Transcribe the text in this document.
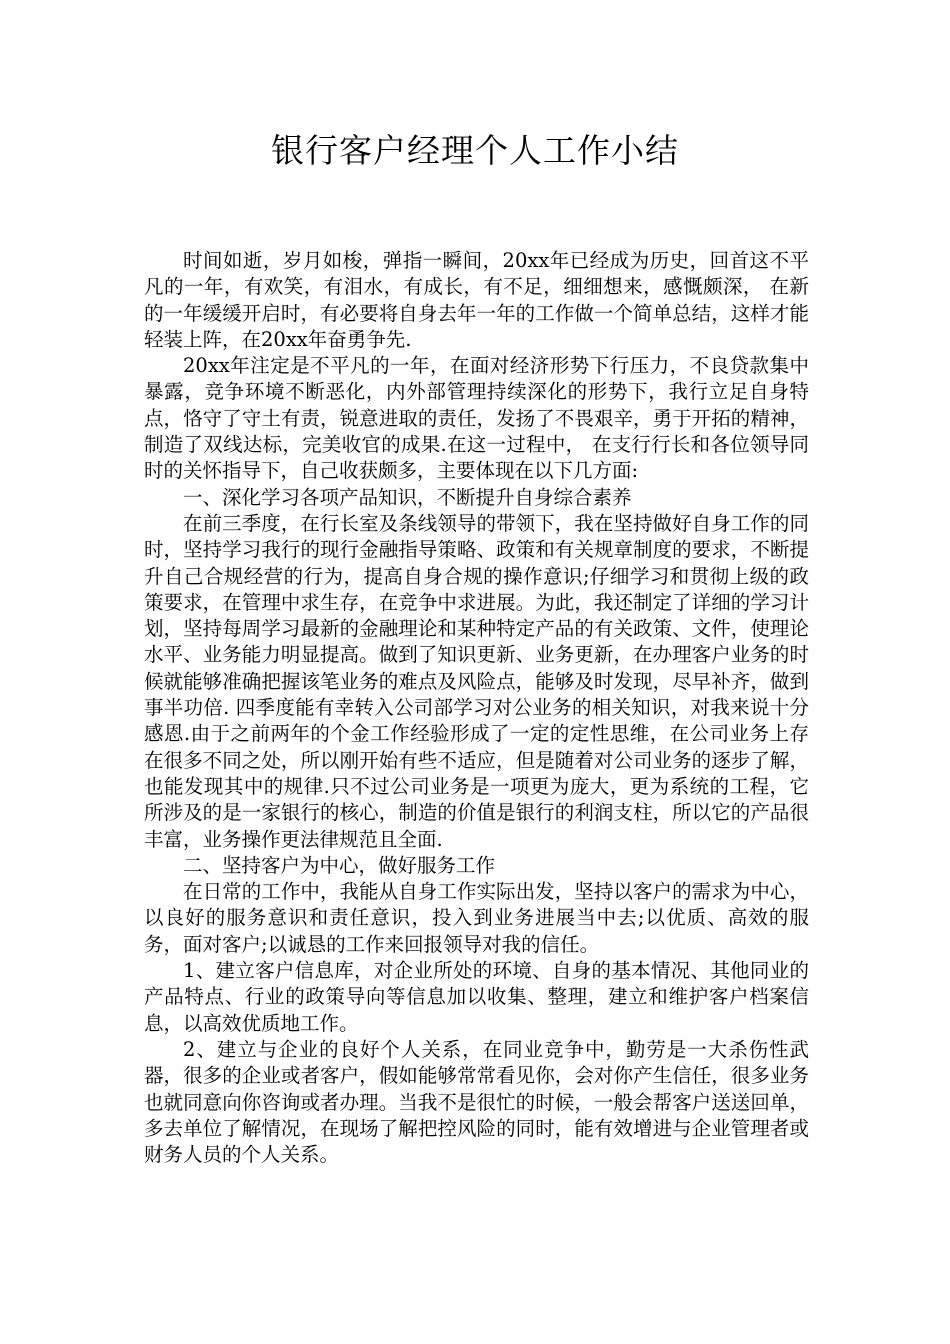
银行客户经理个人工作小结

时间如逝，岁月如梭，弹指一瞬间，20xx年已经成为历史，回首这不平凡的一年，有欢笑，有泪水，有成长，有不足，细细想来，感慨颇深， 在新的一年缓缓开启时，有必要将自身去年一年的工作做一个简单总结，这样才能轻装上阵，在20xx年奋勇争先.

20xx年注定是不平凡的一年，在面对经济形势下行压力，不良贷款集中暴露，竞争环境不断恶化，内外部管理持续深化的形势下，我行立足自身特点，恪守了守土有责，锐意进取的责任，发扬了不畏艰辛，勇于开拓的精神，制造了双线达标，完美收官的成果.在这一过程中， 在支行行长和各位领导同时的关怀指导下，自己收获颇多，主要体现在以下几方面:

一、深化学习各项产品知识，不断提升自身综合素养

在前三季度，在行长室及条线领导的带领下，我在坚持做好自身工作的同时，坚持学习我行的现行金融指导策略、政策和有关规章制度的要求，不断提升自己合规经营的行为，提高自身合规的操作意识;仔细学习和贯彻上级的政策要求，在管理中求生存，在竞争中求进展。为此，我还制定了详细的学习计划，坚持每周学习最新的金融理论和某种特定产品的有关政策、文件，使理论水平、业务能力明显提高。做到了知识更新、业务更新，在办理客户业务的时候就能够准确把握该笔业务的难点及风险点，能够及时发现，尽早补齐，做到事半功倍. 四季度能有幸转入公司部学习对公业务的相关知识，对我来说十分感恩.由于之前两年的个金工作经验形成了一定的定性思维，在公司业务上存在很多不同之处，所以刚开始有些不适应，但是随着对公司业务的逐步了解，也能发现其中的规律.只不过公司业务是一项更为庞大，更为系统的工程，它所涉及的是一家银行的核心，制造的价值是银行的利润支柱，所以它的产品很丰富，业务操作更法律规范且全面.

二、坚持客户为中心，做好服务工作

在日常的工作中，我能从自身工作实际出发，坚持以客户的需求为中心，以良好的服务意识和责任意识，投入到业务进展当中去;以优质、高效的服务，面对客户;以诚恳的工作来回报领导对我的信任。

1、建立客户信息库，对企业所处的环境、自身的基本情况、其他同业的产品特点、行业的政策导向等信息加以收集、整理，建立和维护客户档案信息，以高效优质地工作。

2、建立与企业的良好个人关系，在同业竞争中，勤劳是一大杀伤性武器，很多的企业或者客户，假如能够常常看见你，会对你产生信任，很多业务也就同意向你咨询或者办理。当我不是很忙的时候，一般会帮客户送送回单，多去单位了解情况，在现场了解把控风险的同时，能有效增进与企业管理者或财务人员的个人关系。
